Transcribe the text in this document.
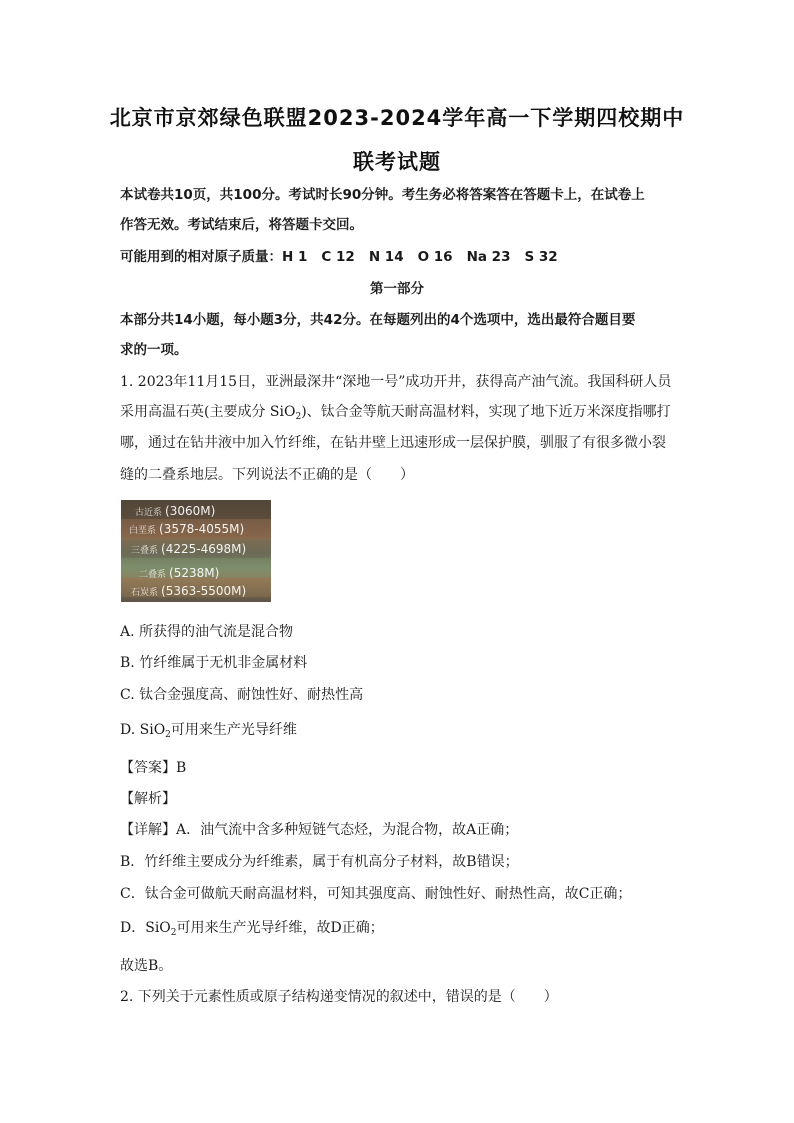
北京市京郊绿色联盟2023-2024学年高一下学期四校期中
联考试题
本试卷共10页，共100分。考试时长90分钟。考生务必将答案答在答题卡上，在试卷上
作答无效。考试结束后，将答题卡交回。
可能用到的相对原子质量：H 1 C 12 N 14 O 16 Na 23 S 32
第一部分
本部分共14小题，每小题3分，共42分。在每题列出的4个选项中，选出最符合题目要
求的一项。
1. 2023年11月15日，亚洲最深井“深地一号”成功开井，获得高产油气流。我国科研人员
采用高温石英(主要成分 SiO$_2$)、钛合金等航天耐高温材料，实现了地下近万米深度指哪打
哪，通过在钻井液中加入竹纤维，在钻井壁上迅速形成一层保护膜，驯服了有很多微小裂
缝的二叠系地层。下列说法不正确的是（　　）
古近系 (3060M)
白垩系 (3578-4055M)
三叠系 (4225-4698M)
二叠系 (5238M)
石炭系 (5363-5500M)
A. 所获得的油气流是混合物
B. 竹纤维属于无机非金属材料
C. 钛合金强度高、耐蚀性好、耐热性高
D. SiO$_2$可用来生产光导纤维
【答案】B
【解析】
【详解】A．油气流中含多种短链气态烃，为混合物，故A正确；
B．竹纤维主要成分为纤维素，属于有机高分子材料，故B错误；
C．钛合金可做航天耐高温材料，可知其强度高、耐蚀性好、耐热性高，故C正确；
D．SiO$_2$可用来生产光导纤维，故D正确；
故选B。
2. 下列关于元素性质或原子结构递变情况的叙述中，错误的是（　　）
